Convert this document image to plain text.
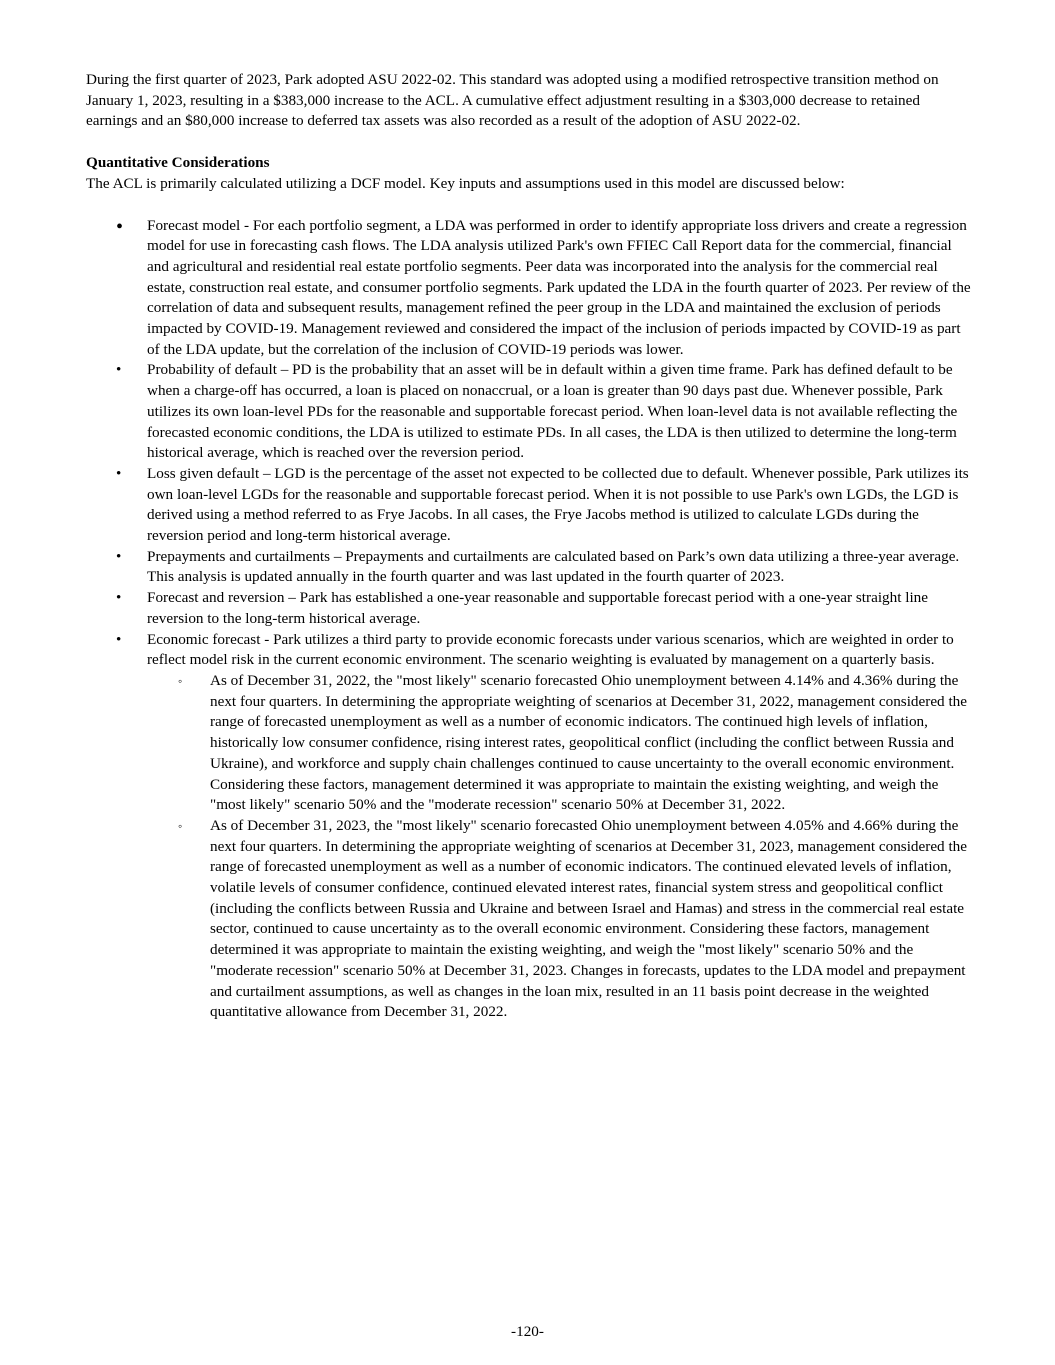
During the first quarter of 2023, Park adopted ASU 2022-02. This standard was adopted using a modified retrospective transition method on January 1, 2023, resulting in a $383,000 increase to the ACL. A cumulative effect adjustment resulting in a $303,000 decrease to retained earnings and an $80,000 increase to deferred tax assets was also recorded as a result of the adoption of ASU 2022-02.

Quantitative Considerations

The ACL is primarily calculated utilizing a DCF model. Key inputs and assumptions used in this model are discussed below:

•	Forecast model - For each portfolio segment, a LDA was performed in order to identify appropriate loss drivers and create a regression model for use in forecasting cash flows. The LDA analysis utilized Park's own FFIEC Call Report data for the commercial, financial and agricultural and residential real estate portfolio segments. Peer data was incorporated into the analysis for the commercial real estate, construction real estate, and consumer portfolio segments. Park updated the LDA in the fourth quarter of 2023. Per review of the correlation of data and subsequent results, management refined the peer group in the LDA and maintained the exclusion of periods impacted by COVID-19. Management reviewed and considered the impact of the inclusion of periods impacted by COVID-19 as part of the LDA update, but the correlation of the inclusion of COVID-19 periods was lower.
•	Probability of default – PD is the probability that an asset will be in default within a given time frame. Park has defined default to be when a charge-off has occurred, a loan is placed on nonaccrual, or a loan is greater than 90 days past due. Whenever possible, Park utilizes its own loan-level PDs for the reasonable and supportable forecast period. When loan-level data is not available reflecting the forecasted economic conditions, the LDA is utilized to estimate PDs. In all cases, the LDA is then utilized to determine the long-term historical average, which is reached over the reversion period.
•	Loss given default – LGD is the percentage of the asset not expected to be collected due to default. Whenever possible, Park utilizes its own loan-level LGDs for the reasonable and supportable forecast period. When it is not possible to use Park's own LGDs, the LGD is derived using a method referred to as Frye Jacobs. In all cases, the Frye Jacobs method is utilized to calculate LGDs during the reversion period and long-term historical average.
•	Prepayments and curtailments – Prepayments and curtailments are calculated based on Park’s own data utilizing a three-year average. This analysis is updated annually in the fourth quarter and was last updated in the fourth quarter of 2023.
•	Forecast and reversion – Park has established a one-year reasonable and supportable forecast period with a one-year straight line reversion to the long-term historical average.
•	Economic forecast - Park utilizes a third party to provide economic forecasts under various scenarios, which are weighted in order to reflect model risk in the current economic environment. The scenario weighting is evaluated by management on a quarterly basis.
◦ As of December 31, 2022, the "most likely" scenario forecasted Ohio unemployment between 4.14% and 4.36% during the next four quarters. In determining the appropriate weighting of scenarios at December 31, 2022, management considered the range of forecasted unemployment as well as a number of economic indicators. The continued high levels of inflation, historically low consumer confidence, rising interest rates, geopolitical conflict (including the conflict between Russia and Ukraine), and workforce and supply chain challenges continued to cause uncertainty to the overall economic environment. Considering these factors, management determined it was appropriate to maintain the existing weighting, and weigh the "most likely" scenario 50% and the "moderate recession" scenario 50% at December 31, 2022.
◦ As of December 31, 2023, the "most likely" scenario forecasted Ohio unemployment between 4.05% and 4.66% during the next four quarters. In determining the appropriate weighting of scenarios at December 31, 2023, management considered the range of forecasted unemployment as well as a number of economic indicators. The continued elevated levels of inflation, volatile levels of consumer confidence, continued elevated interest rates, financial system stress and geopolitical conflict (including the conflicts between Russia and Ukraine and between Israel and Hamas) and stress in the commercial real estate sector, continued to cause uncertainty as to the overall economic environment. Considering these factors, management determined it was appropriate to maintain the existing weighting, and weigh the "most likely" scenario 50% and the "moderate recession" scenario 50% at December 31, 2023. Changes in forecasts, updates to the LDA model and prepayment and curtailment assumptions, as well as changes in the loan mix, resulted in an 11 basis point decrease in the weighted quantitative allowance from December 31, 2022.
-120-
